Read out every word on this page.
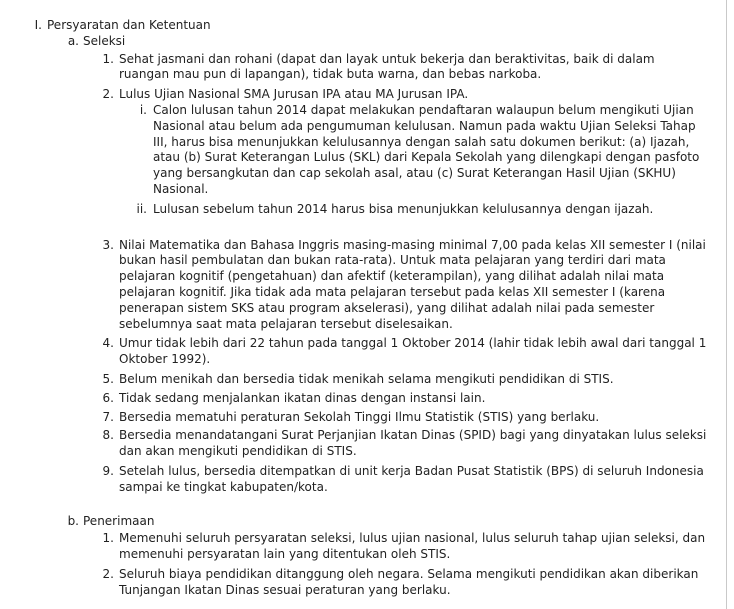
I. Persyaratan dan Ketentuan
a. Seleksi
1. Sehat jasmani dan rohani (dapat dan layak untuk bekerja dan beraktivitas, baik di dalam ruangan mau pun di lapangan), tidak buta warna, dan bebas narkoba.
2. Lulus Ujian Nasional SMA Jurusan IPA atau MA Jurusan IPA.
i. Calon lulusan tahun 2014 dapat melakukan pendaftaran walaupun belum mengikuti Ujian Nasional atau belum ada pengumuman kelulusan. Namun pada waktu Ujian Seleksi Tahap III, harus bisa menunjukkan kelulusannya dengan salah satu dokumen berikut: (a) Ijazah, atau (b) Surat Keterangan Lulus (SKL) dari Kepala Sekolah yang dilengkapi dengan pasfoto yang bersangkutan dan cap sekolah asal, atau (c) Surat Keterangan Hasil Ujian (SKHU) Nasional.
ii. Lulusan sebelum tahun 2014 harus bisa menunjukkan kelulusannya dengan ijazah.
3. Nilai Matematika dan Bahasa Inggris masing-masing minimal 7,00 pada kelas XII semester I (nilai bukan hasil pembulatan dan bukan rata-rata). Untuk mata pelajaran yang terdiri dari mata pelajaran kognitif (pengetahuan) dan afektif (keterampilan), yang dilihat adalah nilai mata pelajaran kognitif. Jika tidak ada mata pelajaran tersebut pada kelas XII semester I (karena penerapan sistem SKS atau program akselerasi), yang dilihat adalah nilai pada semester sebelumnya saat mata pelajaran tersebut diselesaikan.
4. Umur tidak lebih dari 22 tahun pada tanggal 1 Oktober 2014 (lahir tidak lebih awal dari tanggal 1 Oktober 1992).
5. Belum menikah dan bersedia tidak menikah selama mengikuti pendidikan di STIS.
6. Tidak sedang menjalankan ikatan dinas dengan instansi lain.
7. Bersedia mematuhi peraturan Sekolah Tinggi Ilmu Statistik (STIS) yang berlaku.
8. Bersedia menandatangani Surat Perjanjian Ikatan Dinas (SPID) bagi yang dinyatakan lulus seleksi dan akan mengikuti pendidikan di STIS.
9. Setelah lulus, bersedia ditempatkan di unit kerja Badan Pusat Statistik (BPS) di seluruh Indonesia sampai ke tingkat kabupaten/kota.
b. Penerimaan
1. Memenuhi seluruh persyaratan seleksi, lulus ujian nasional, lulus seluruh tahap ujian seleksi, dan memenuhi persyaratan lain yang ditentukan oleh STIS.
2. Seluruh biaya pendidikan ditanggung oleh negara. Selama mengikuti pendidikan akan diberikan Tunjangan Ikatan Dinas sesuai peraturan yang berlaku.
